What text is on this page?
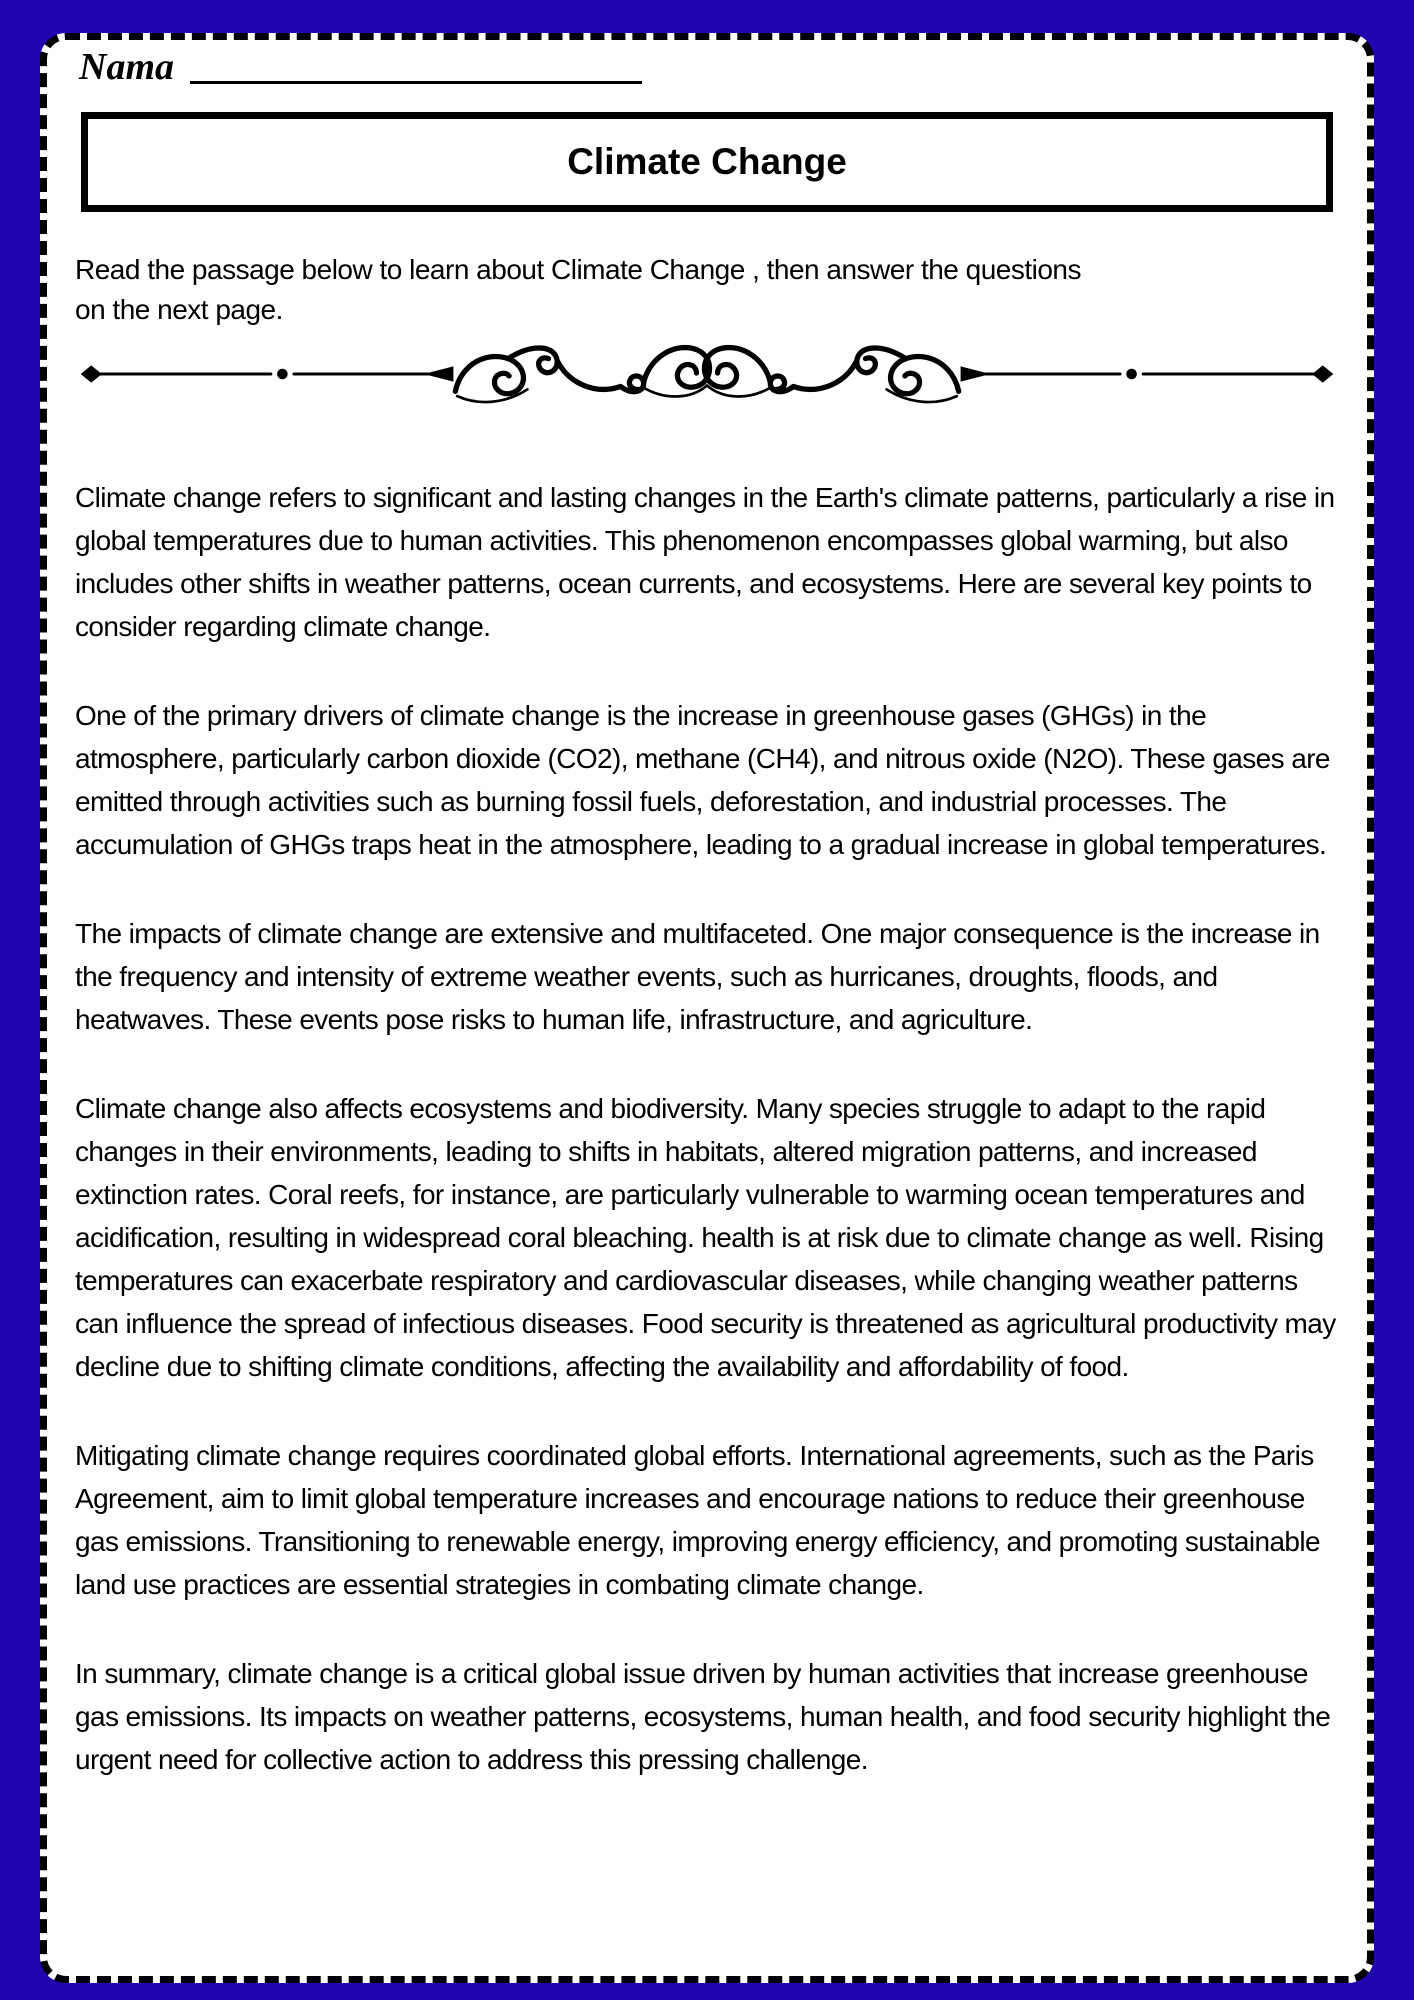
Nama
Climate Change

Read the passage below to learn about Climate Change , then answer the questions on the next page.

Climate change refers to significant and lasting changes in the Earth's climate patterns, particularly a rise in global temperatures due to human activities. This phenomenon encompasses global warming, but also includes other shifts in weather patterns, ocean currents, and ecosystems. Here are several key points to consider regarding climate change.

One of the primary drivers of climate change is the increase in greenhouse gases (GHGs) in the atmosphere, particularly carbon dioxide (CO2), methane (CH4), and nitrous oxide (N2O). These gases are emitted through activities such as burning fossil fuels, deforestation, and industrial processes. The accumulation of GHGs traps heat in the atmosphere, leading to a gradual increase in global temperatures.

The impacts of climate change are extensive and multifaceted. One major consequence is the increase in the frequency and intensity of extreme weather events, such as hurricanes, droughts, floods, and heatwaves. These events pose risks to human life, infrastructure, and agriculture.

Climate change also affects ecosystems and biodiversity. Many species struggle to adapt to the rapid changes in their environments, leading to shifts in habitats, altered migration patterns, and increased extinction rates. Coral reefs, for instance, are particularly vulnerable to warming ocean temperatures and acidification, resulting in widespread coral bleaching. health is at risk due to climate change as well. Rising temperatures can exacerbate respiratory and cardiovascular diseases, while changing weather patterns can influence the spread of infectious diseases. Food security is threatened as agricultural productivity may decline due to shifting climate conditions, affecting the availability and affordability of food.

Mitigating climate change requires coordinated global efforts. International agreements, such as the Paris Agreement, aim to limit global temperature increases and encourage nations to reduce their greenhouse gas emissions. Transitioning to renewable energy, improving energy efficiency, and promoting sustainable land use practices are essential strategies in combating climate change.

In summary, climate change is a critical global issue driven by human activities that increase greenhouse gas emissions. Its impacts on weather patterns, ecosystems, human health, and food security highlight the urgent need for collective action to address this pressing challenge.
